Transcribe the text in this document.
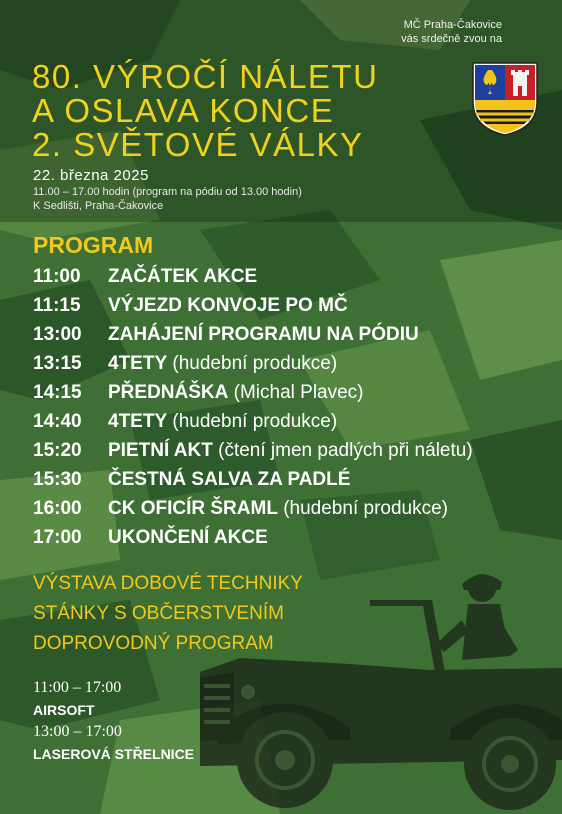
MČ Praha-Čakovice
vás srdečně zvou na
80. VÝROČÍ NÁLETU
A OSLAVA KONCE
2. SVĚTOVÉ VÁLKY
22. března 2025
11.00 – 17.00 hodin (program na pódiu od 13.00 hodin)
K Sedlišti, Praha-Čakovice
PROGRAM
11:00 ZAČÁTEK AKCE
11:15 VÝJEZD KONVOJE PO MČ
13:00 ZAHÁJENÍ PROGRAMU NA PÓDIU
13:15 4TETY (hudební produkce)
14:15 PŘEDNÁŠKA (Michal Plavec)
14:40 4TETY (hudební produkce)
15:20 PIETNÍ AKT (čtení jmen padlých při náletu)
15:30 ČESTNÁ SALVA ZA PADLÉ
16:00 CK OFICÍR ŠRAML (hudební produkce)
17:00 UKONČENÍ AKCE
VÝSTAVA DOBOVÉ TECHNIKY
STÁNKY S OBČERSTVENÍM
DOPROVODNÝ PROGRAM
11:00 – 17:00
AIRSOFT
13:00 – 17:00
LASEROVÁ STŘELNICE
